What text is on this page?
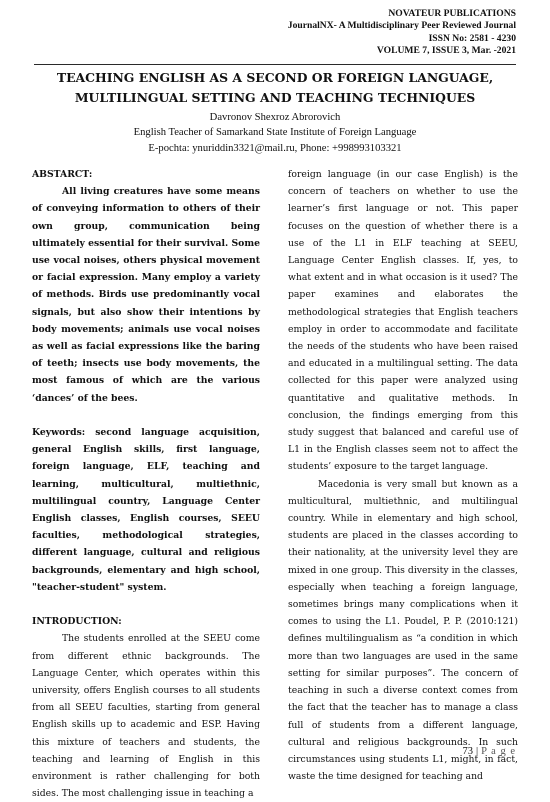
NOVATEUR PUBLICATIONS
JournalNX- A Multidisciplinary Peer Reviewed Journal
ISSN No: 2581 - 4230
VOLUME 7, ISSUE 3, Mar. -2021
TEACHING ENGLISH AS A SECOND OR FOREIGN LANGUAGE,
MULTILINGUAL SETTING AND TEACHING TECHNIQUES
Davronov Shexroz Abrorovich
English Teacher of Samarkand State Institute of Foreign Language
E-pochta: ynuriddin3321@mail.ru, Phone: +998993103321

ABSTARCT:

All living creatures have some means of conveying information to others of their own group, communication being ultimately essential for their survival. Some use vocal noises, others physical movement or facial expression. Many employ a variety of methods. Birds use predominantly vocal signals, but also show their intentions by body movements; animals use vocal noises as well as facial expressions like the baring of teeth; insects use body movements, the most famous of which are the various ‘dances’ of the bees.

Keywords: second language acquisition, general English skills, first language, foreign language, ELF, teaching and learning, multicultural, multiethnic, multilingual country, Language Center English classes, English courses, SEEU faculties, methodological strategies, different language, cultural and religious backgrounds, elementary and high school, "teacher-student" system.

INTRODUCTION:

The students enrolled at the SEEU come from different ethnic backgrounds. The Language Center, which operates within this university, offers English courses to all students from all SEEU faculties, starting from general English skills up to academic and ESP. Having this mixture of teachers and students, the teaching and learning of English in this environment is rather challenging for both sides. The most challenging issue in teaching a

foreign language (in our case English) is the concern of teachers on whether to use the learner’s first language or not. This paper focuses on the question of whether there is a use of the L1 in ELF teaching at SEEU, Language Center English classes. If, yes, to what extent and in what occasion is it used? The paper examines and elaborates the methodological strategies that English teachers employ in order to accommodate and facilitate the needs of the students who have been raised and educated in a multilingual setting. The data collected for this paper were analyzed using quantitative and qualitative methods. In conclusion, the findings emerging from this study suggest that balanced and careful use of L1 in the English classes seem not to affect the students’ exposure to the target language.

Macedonia is very small but known as a multicultural, multiethnic, and multilingual country. While in elementary and high school, students are placed in the classes according to their nationality, at the university level they are mixed in one group. This diversity in the classes, especially when teaching a foreign language, sometimes brings many complications when it comes to using the L1. Poudel, P. P. (2010:121) defines multilingualism as “a condition in which more than two languages are used in the same setting for similar purposes”. The concern of teaching in such a diverse context comes from the fact that the teacher has to manage a class full of students from a different language, cultural and religious backgrounds. In such circumstances using students L1, might, in fact, waste the time designed for teaching and

73 | P a g e
